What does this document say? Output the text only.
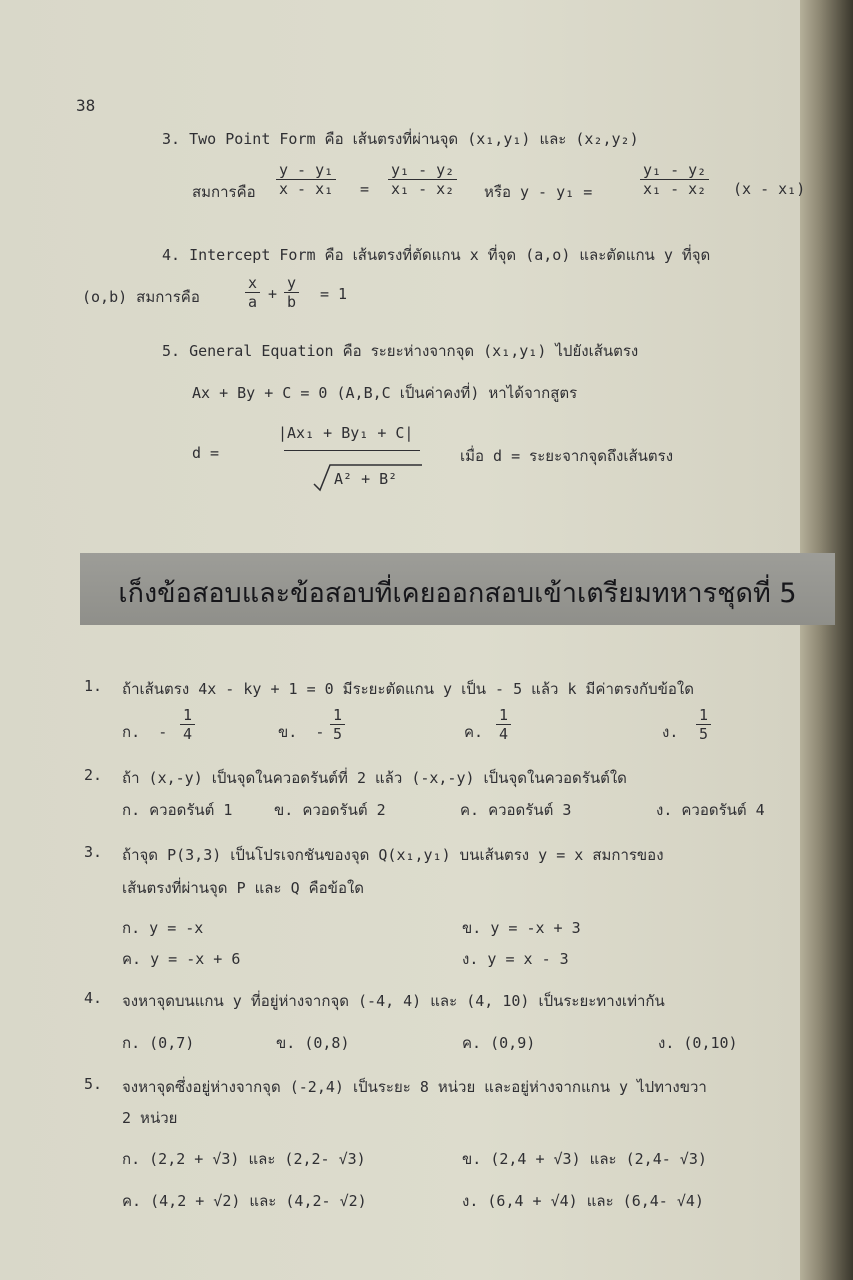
38
3. Two Point Form คือ เส้นตรงที่ผ่านจุด (x₁,y₁) และ (x₂,y₂)
สมการคือ $\frac{\text{y - y₁}}{\text{x - x₁}} = \frac{\text{y₁ - y₂}}{\text{x₁ - x₂}}$ หรือ y - y₁ =	$\frac{\text{y₁ - y₂}}{\text{x₁ - x₂}} (x - x_1)$
4. Intercept Form คือ เส้นตรงที่ตัดแกน x ที่จุด (a,o) และตัดแกน y ที่จุด
(o,b) สมการคือ	$\frac{x}{a} + \frac{y}{b} = 1$
5. General Equation คือ ระยะห่างจากจุด (x₁,y₁) ไปยังเส้นตรง
Ax + By + C = 0 (A,B,C เป็นค่าคงที่) หาได้จากสูตร
d =
|Ax₁ + By₁ + C|
A² + B²
เมื่อ d = ระยะจากจุดถึงเส้นตรง
เก็งข้อสอบและข้อสอบที่เคยออกสอบเข้าเตรียมทหารชุดที่ 5
1. ถ้าเส้นตรง 4x - ky + 1 = 0 มีระยะตัดแกน y เป็น - 5 แล้ว k มีค่าตรงกับข้อใด
ก. - $\frac{1}{4}$	ข. - $\frac{1}{5}$	ค. $\frac{1}{4}$	ง. $\frac{1}{5}$
2. ถ้า (x,-y) เป็นจุดในควอดรันต์ที่ 2 แล้ว (-x,-y) เป็นจุดในควอดรันต์ใด
ก. ควอดรันต์ 1	ข. ควอดรันต์ 2	ค. ควอดรันต์ 3	ง. ควอดรันต์ 4
3. ถ้าจุด P(3,3) เป็นโปรเจกชันของจุด Q(x₁,y₁) บนเส้นตรง y = x สมการของ
เส้นตรงที่ผ่านจุด P และ Q คือข้อใด
ก. y = -x	ข. y = -x + 3
ค. y = -x + 6	ง. y = x - 3
4. จงหาจุดบนแกน y ที่อยู่ห่างจากจุด (-4, 4) และ (4, 10) เป็นระยะทางเท่ากัน
ก. (0,7)	ข. (0,8)	ค. (0,9)	ง. (0,10)
5. จงหาจุดซึ่งอยู่ห่างจากจุด (-2,4) เป็นระยะ 8 หน่วย และอยู่ห่างจากแกน y ไปทางขวา
2 หน่วย
ก. (2,2 + √3) และ (2,2- √3)	ข. (2,4 + √3) และ (2,4- √3)
ค. (4,2 + √2) และ (4,2- √2)	ง. (6,4 + √4) และ (6,4- √4)
